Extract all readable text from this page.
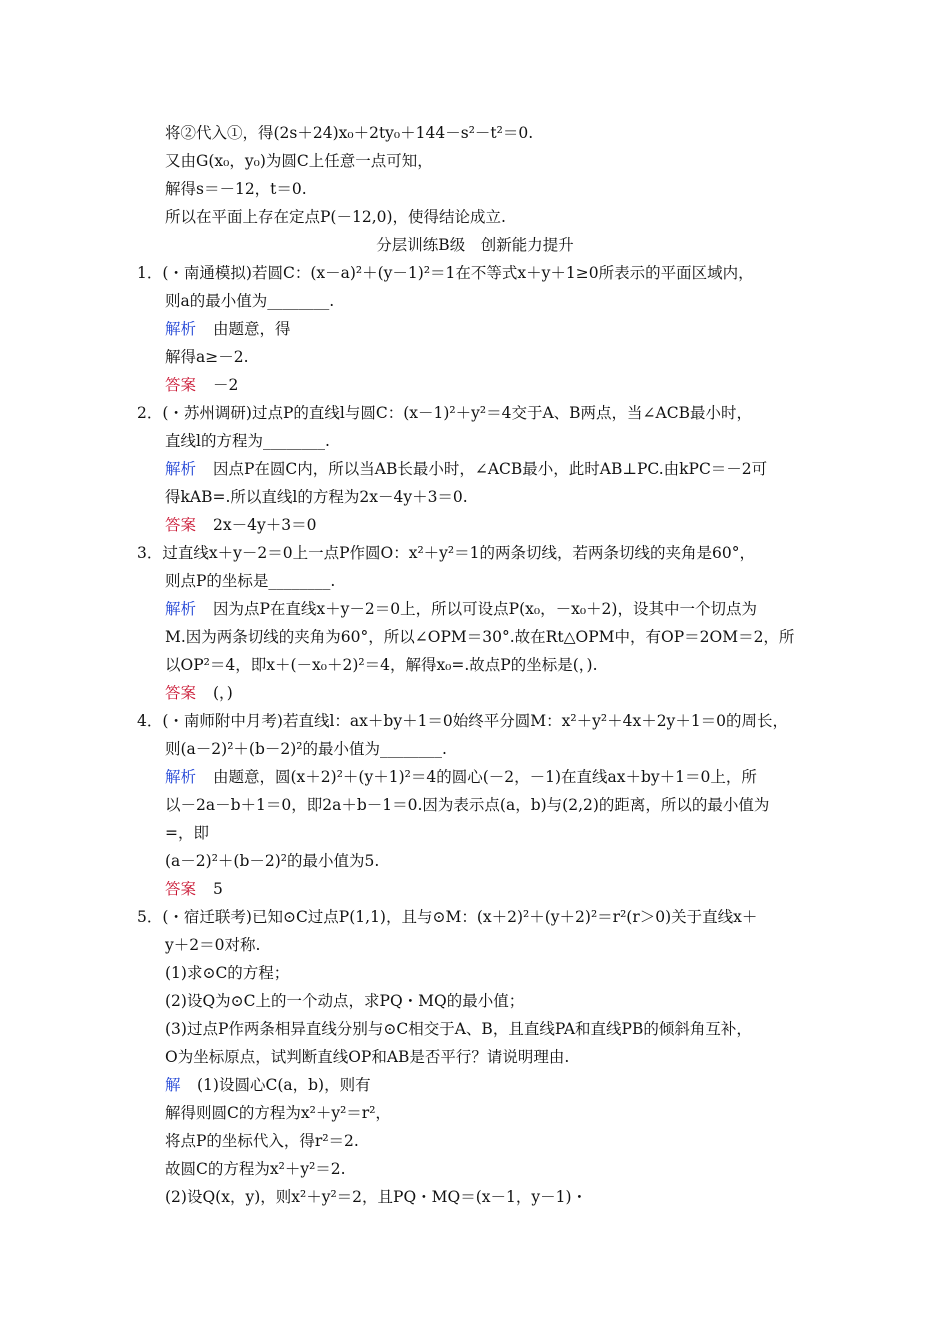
将②代入①，得(2s＋24)x₀＋2ty₀＋144－s²－t²＝0.
又由G(x₀，y₀)为圆C上任意一点可知，
解得s＝－12，t＝0.
所以在平面上存在定点P(－12,0)，使得结论成立.
分层训练B级　创新能力提升
1．(・南通模拟)若圆C：(x－a)²＋(y－1)²＝1在不等式x＋y＋1≥0所表示的平面区域内，
则a的最小值为________.
解析 由题意，得
解得a≥－2.
答案 －2
2．(・苏州调研)过点P的直线l与圆C：(x－1)²＋y²＝4交于A、B两点，当∠ACB最小时，
直线l的方程为________.
解析 因点P在圆C内，所以当AB长最小时，∠ACB最小，此时AB⊥PC.由kPC＝－2可
得kAB=.所以直线l的方程为2x－4y＋3＝0.
答案 2x－4y＋3＝0
3．过直线x＋y－2＝0上一点P作圆O：x²＋y²＝1的两条切线，若两条切线的夹角是60°，
则点P的坐标是________.
解析 因为点P在直线x＋y－2＝0上，所以可设点P(x₀，－x₀＋2)，设其中一个切点为
M.因为两条切线的夹角为60°，所以∠OPM＝30°.故在Rt△OPM中，有OP＝2OM＝2，所
以OP²＝4，即x＋(－x₀＋2)²＝4，解得x₀=.故点P的坐标是(，).
答案 (，)
4．(・南师附中月考)若直线l：ax＋by＋1＝0始终平分圆M：x²＋y²＋4x＋2y＋1＝0的周长，
则(a－2)²＋(b－2)²的最小值为________.
解析 由题意，圆(x＋2)²＋(y＋1)²＝4的圆心(－2，－1)在直线ax＋by＋1＝0上，所
以－2a－b＋1＝0，即2a＋b－1＝0.因为表示点(a，b)与(2,2)的距离，所以的最小值为
=，即
(a－2)²＋(b－2)²的最小值为5.
答案 5
5．(・宿迁联考)已知⊙C过点P(1,1)，且与⊙M：(x＋2)²＋(y＋2)²＝r²(r＞0)关于直线x＋
y＋2＝0对称.
(1)求⊙C的方程；
(2)设Q为⊙C上的一个动点，求PQ・MQ的最小值；
(3)过点P作两条相异直线分别与⊙C相交于A、B，且直线PA和直线PB的倾斜角互补，
O为坐标原点，试判断直线OP和AB是否平行？请说明理由.
解 (1)设圆心C(a，b)，则有
解得则圆C的方程为x²＋y²＝r²，
将点P的坐标代入，得r²＝2.
故圆C的方程为x²＋y²＝2.
(2)设Q(x，y)，则x²＋y²＝2，且PQ・MQ＝(x－1，y－1)・
